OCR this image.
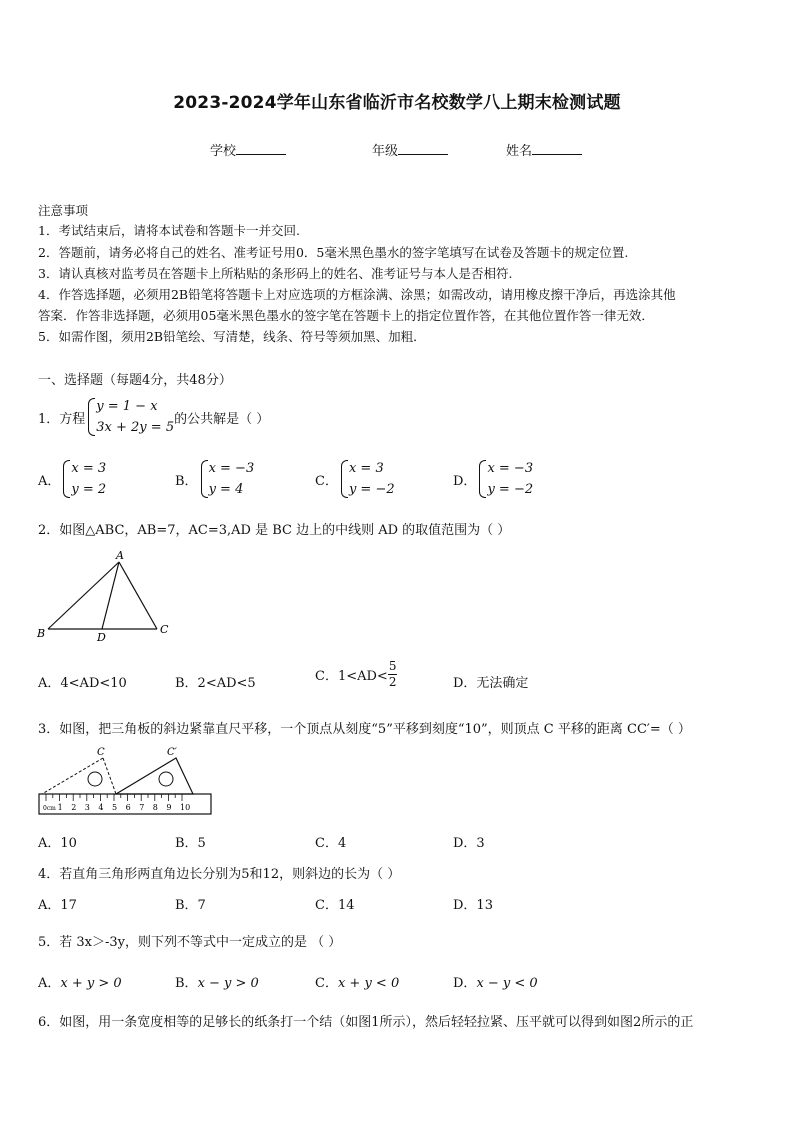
2023-2024学年山东省临沂市名校数学八上期末检测试题
学校	年级	姓名
注意事项
1．考试结束后，请将本试卷和答题卡一并交回.
2．答题前，请务必将自己的姓名、准考证号用0．5毫米黑色墨水的签字笔填写在试卷及答题卡的规定位置.
3．请认真核对监考员在答题卡上所粘贴的条形码上的姓名、准考证号与本人是否相符.
4．作答选择题，必须用2B铅笔将答题卡上对应选项的方框涂满、涂黑；如需改动，请用橡皮擦干净后，再选涂其他
答案．作答非选择题，必须用05毫米黑色墨水的签字笔在答题卡上的指定位置作答，在其他位置作答一律无效．
5．如需作图，须用2B铅笔绘、写清楚，线条、符号等须加黑、加粗．
一、选择题（每题4分，共48分）
1．方程
y = 1 − x
3x + 2y = 5
的公共解是（ ）
A．
x = 3
y = 2
B．
x = −3
y = 4
C．
x = 3
y = −2
D．
x = −3
y = −2
2．如图△ABC，AB=7，AC=3,AD 是 BC 边上的中线则 AD 的取值范围为（ ）
A
B	C
D
A．4<AD<10	B．2<AD<5	C．$1<AD< \frac{5}{2}$	D．无法确定
3．如图，把三角板的斜边紧靠直尺平移，一个顶点从刻度“5”平移到刻度“10”，则顶点 C 平移的距离 CC′=（ ）
C	C′
0cm 1 2 3 4 5 6 7 8 9 10
A．10	B．5	C．4	D．3
4．若直角三角形两直角边长分别为5和12，则斜边的长为（ ）
A．17	B．7	C．14	D．13
5．若 3x＞-3y，则下列不等式中一定成立的是 （ ）
A．x + y > 0	B．x − y > 0	C．x + y < 0	D．x − y < 0
6．如图，用一条宽度相等的足够长的纸条打一个结（如图1所示），然后轻轻拉紧、压平就可以得到如图2所示的正
